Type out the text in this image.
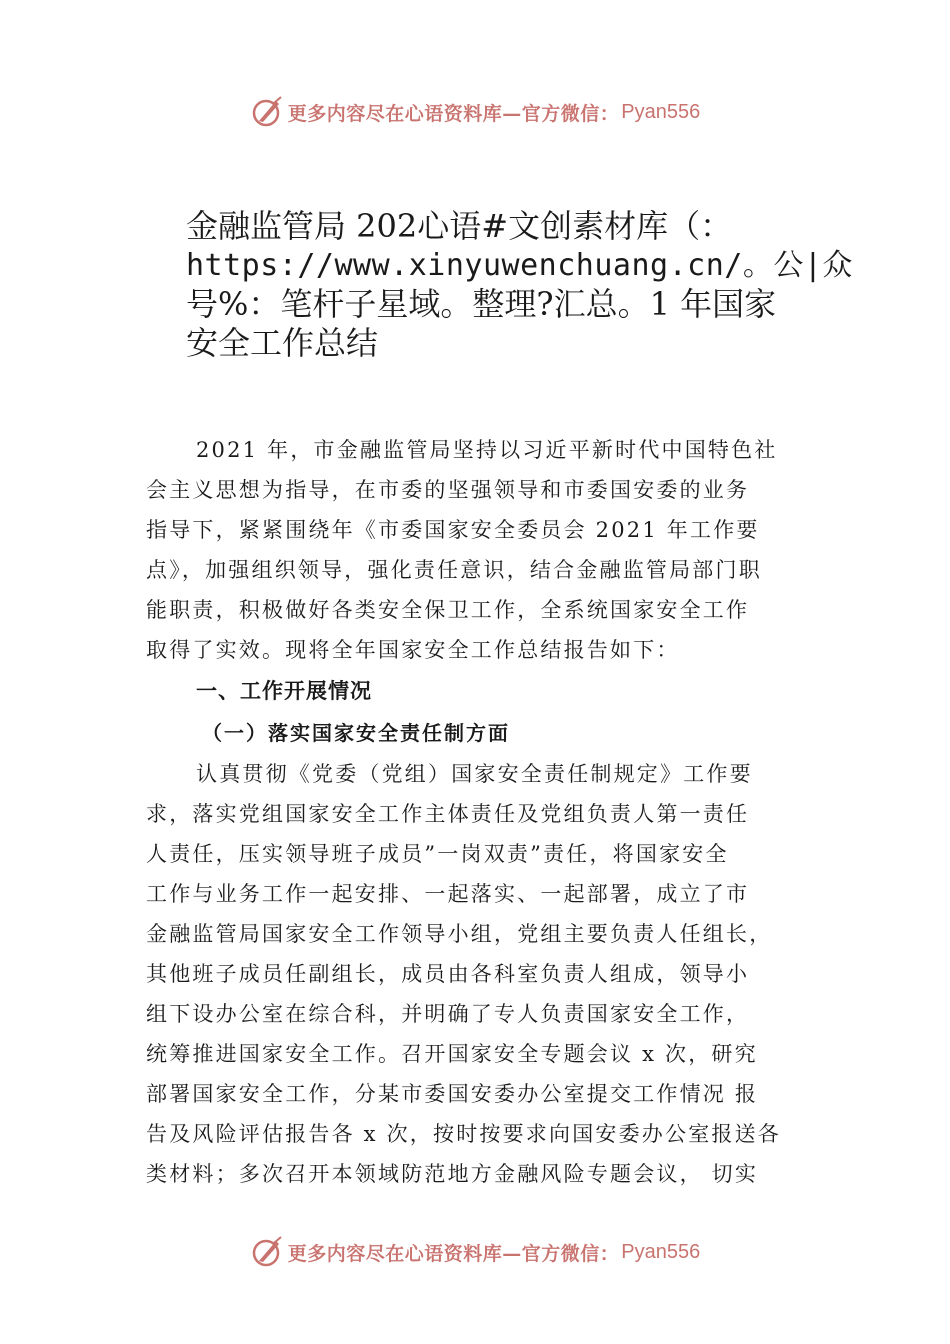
更多内容尽在心语资料库—官方微信： Pyan556
金融监管局 202心语#文创素材库（：
https://www.xinyuwenchuang.cn/。公|众
号%：笔杆子星域。整理?汇总。1 年国家
安全工作总结
2021 年，市金融监管局坚持以习近平新时代中国特色社
会主义思想为指导，在市委的坚强领导和市委国安委的业务
指导下，紧紧围绕年《市委国家安全委员会 2021 年工作要
点》，加强组织领导，强化责任意识，结合金融监管局部门职
能职责，积极做好各类安全保卫工作，全系统国家安全工作
取得了实效。现将全年国家安全工作总结报告如下：
一、工作开展情况
（一）落实国家安全责任制方面
认真贯彻《党委（党组）国家安全责任制规定》工作要
求，落实党组国家安全工作主体责任及党组负责人第一责任
人责任，压实领导班子成员”一岗双责”责任，将国家安全
工作与业务工作一起安排、一起落实、一起部署，成立了市
金融监管局国家安全工作领导小组，党组主要负责人任组长，
其他班子成员任副组长，成员由各科室负责人组成，领导小
组下设办公室在综合科，并明确了专人负责国家安全工作，
统筹推进国家安全工作。召开国家安全专题会议 x 次，研究
部署国家安全工作，分某市委国安委办公室提交工作情况 报
告及风险评估报告各 x 次，按时按要求向国安委办公室报送各
类材料；多次召开本领域防范地方金融风险专题会议， 切实
更多内容尽在心语资料库—官方微信： Pyan556
